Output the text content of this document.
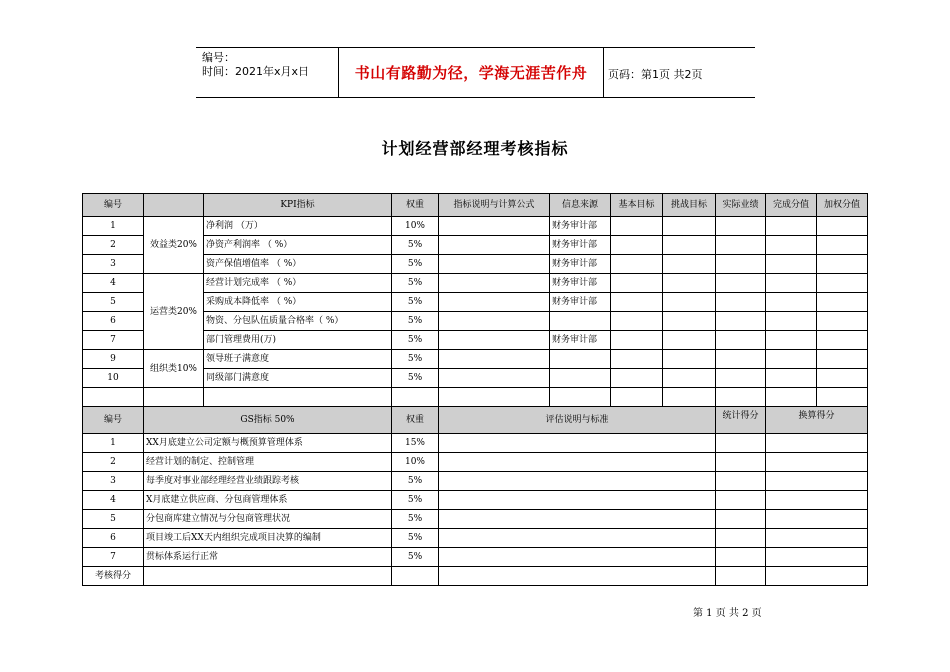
编号：
时间：2021年x月x日	书山有路勤为径，学海无涯苦作舟	页码：第1页 共2页
计划经营部经理考核指标
编号		KPI指标	权重	指标说明与计算公式	信息来源	基本目标	挑战目标	实际业绩	完成分值	加权分值	
1	效益类20%	净利润 （万）	10%		财务审计部						
2		净资产利润率 （ %）	5%		财务审计部						
3		资产保值增值率 （ %）	5%		财务审计部						
4	运营类20%	经营计划完成率 （ %）	5%		财务审计部						
5		采购成本降低率 （ %）	5%		财务审计部						
6		物资、分包队伍质量合格率（ %）	5%								
7		部门管理费用(万)	5%		财务审计部						
9	组织类10%	领导班子满意度	5%								
10		同级部门满意度	5%								

编号	GS指标 50%		权重	评估说明与标准				统计得分	换算得分	
1	XX月底建立公司定额与概预算管理体系		15%								
2	经营计划的制定、控制管理		10%								
3	每季度对事业部经理经营业绩跟踪考核		5%								
4	X月底建立供应商、分包商管理体系		5%								
5	分包商库建立情况与分包商管理状况		5%								
6	项目竣工后XX天内组织完成项目决算的编制		5%								
7	贯标体系运行正常		5%								
考核得分											
第 1 页 共 2 页
